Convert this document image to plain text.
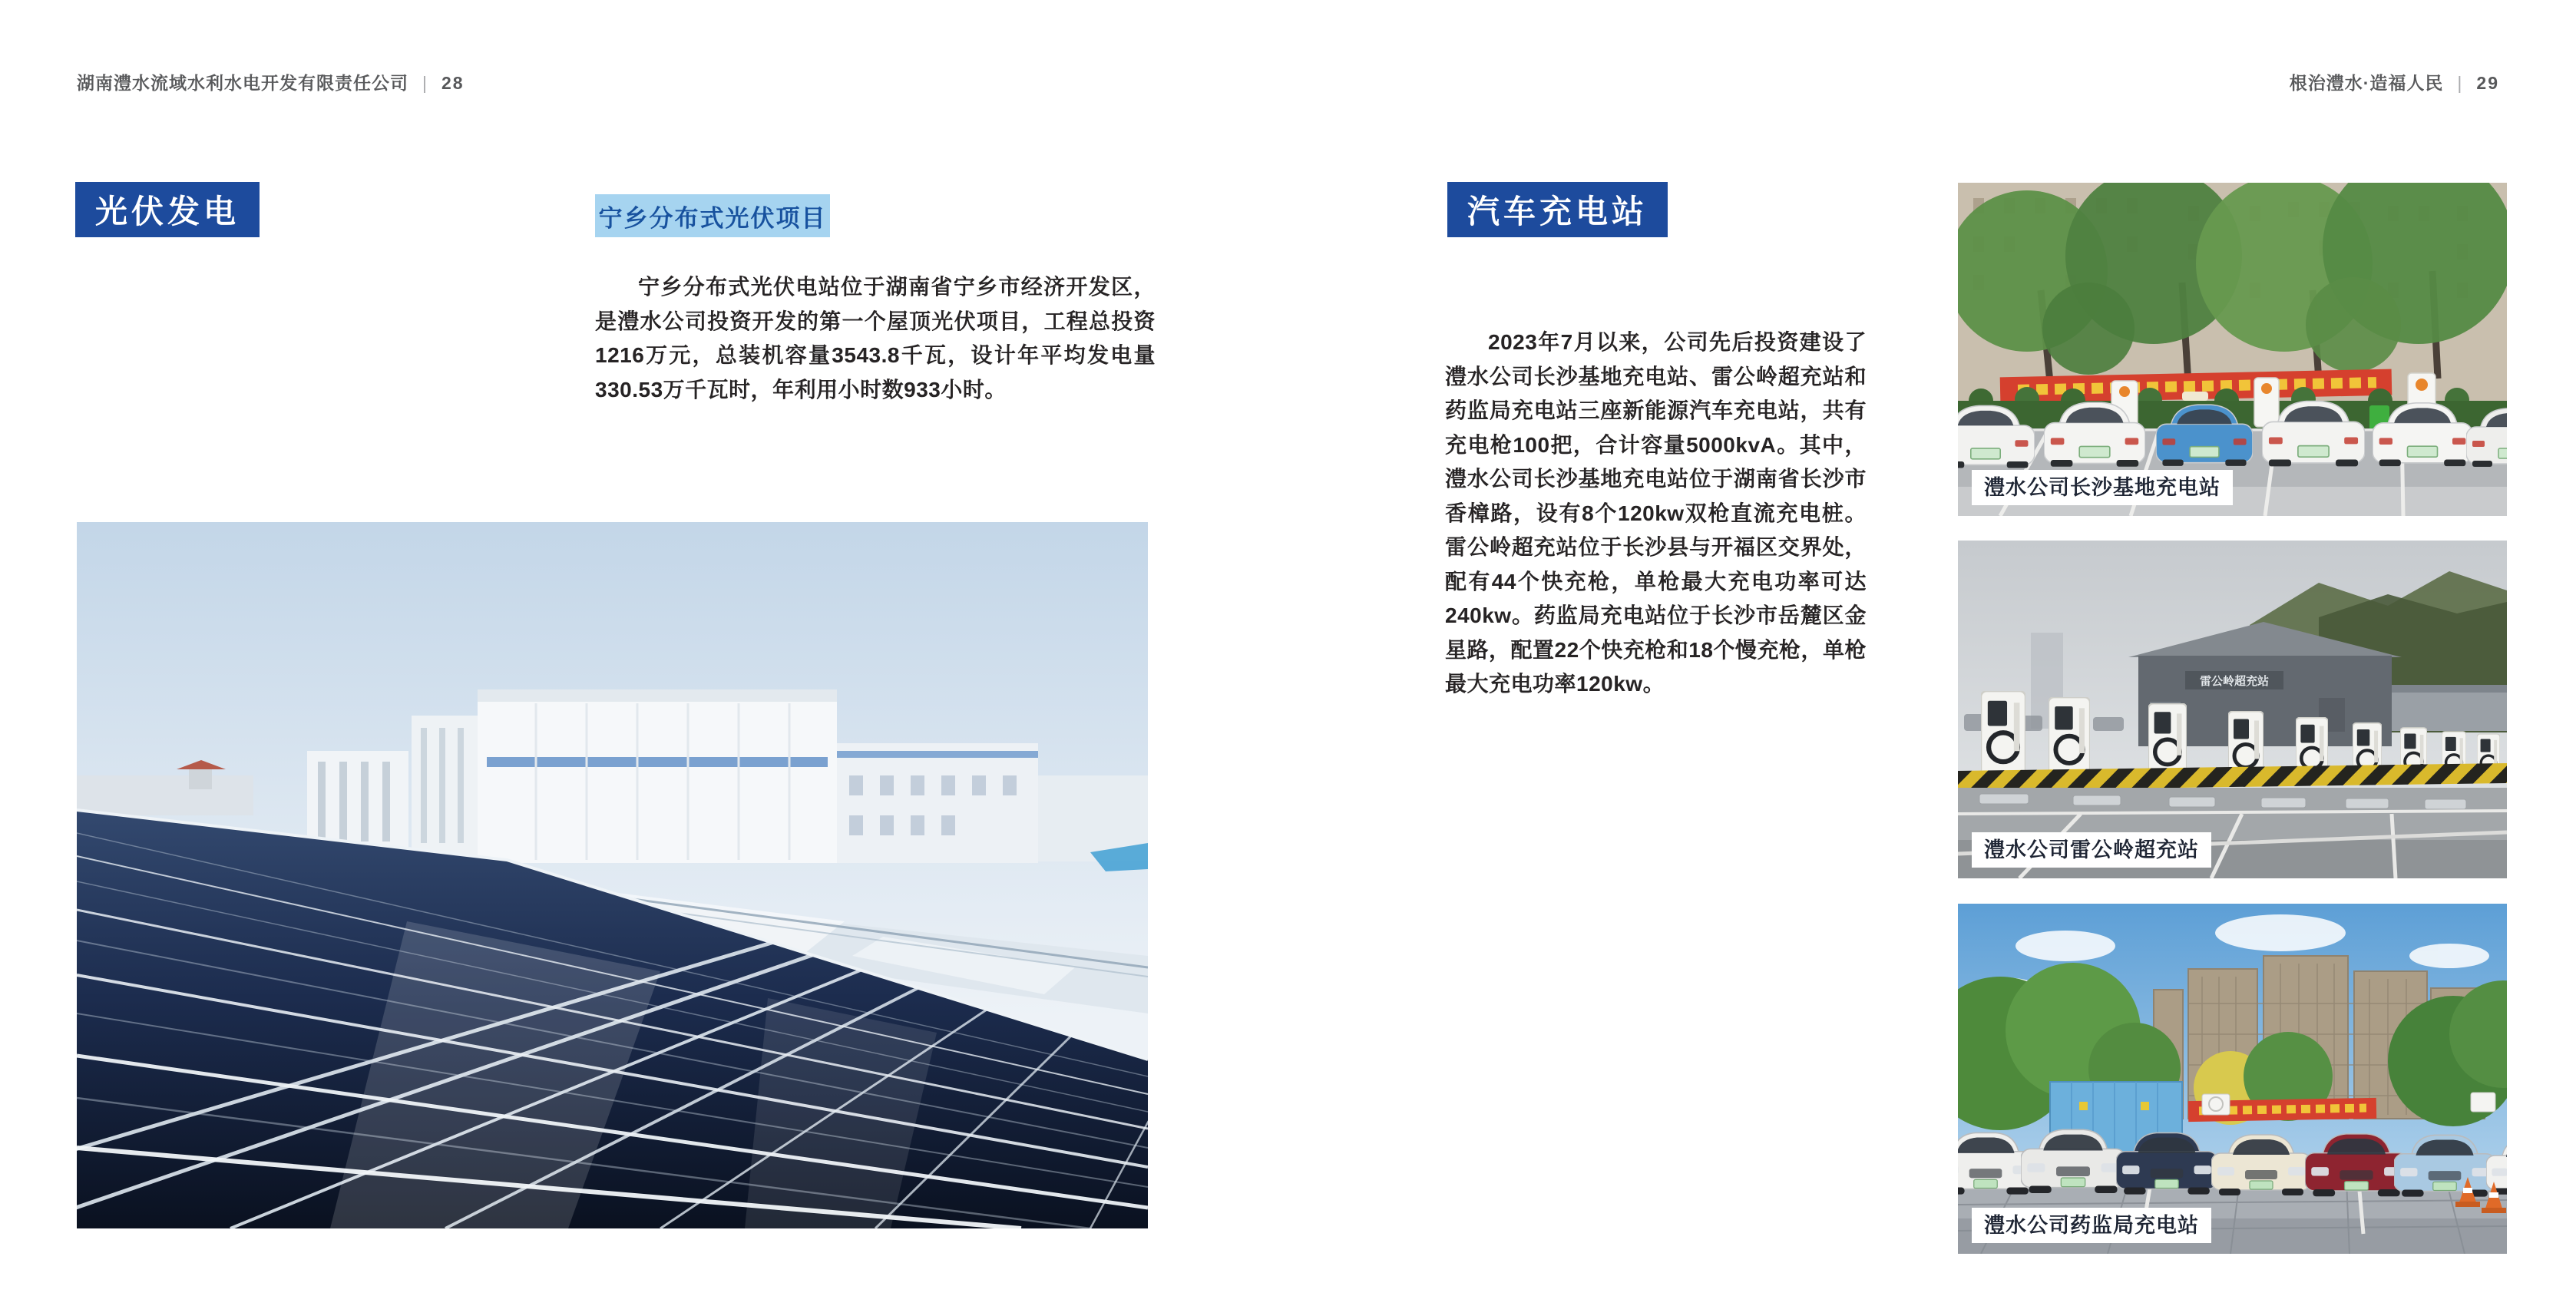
湖南澧水流域水利水电开发有限责任公司 | 28	根治澧水·造福人民 | 29
光伏发电	宁乡分布式光伏项目	汽车充电站

宁乡分布式光伏电站位于湖南省宁乡市经济开发区，是澧水公司投资开发的第一个屋顶光伏项目，工程总投资1216万元，总装机容量3543.8千瓦，设计年平均发电量330.53万千瓦时，年利用小时数933小时。

2023年7月以来，公司先后投资建设了澧水公司长沙基地充电站、雷公岭超充站和药监局充电站三座新能源汽车充电站，共有充电枪100把，合计容量5000kvA。其中，澧水公司长沙基地充电站位于湖南省长沙市香樟路，设有8个120kw双枪直流充电桩。雷公岭超充站位于长沙县与开福区交界处，配有44个快充枪，单枪最大充电功率可达240kw。药监局充电站位于长沙市岳麓区金星路，配置22个快充枪和18个慢充枪，单枪最大充电功率120kw。

澧水公司长沙基地充电站
雷公岭超充站
澧水公司雷公岭超充站
澧水公司药监局充电站
